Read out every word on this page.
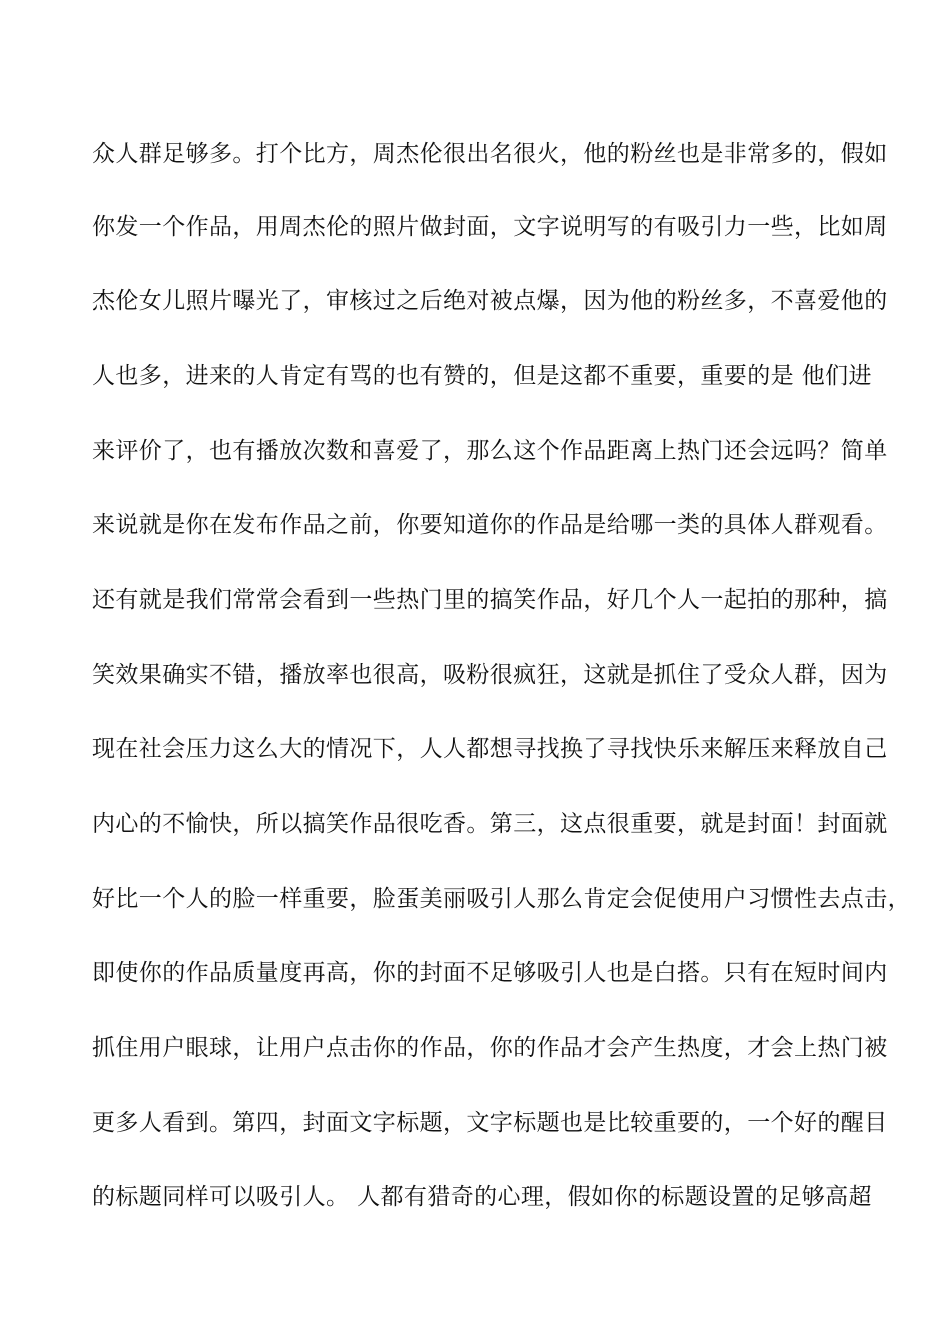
众人群足够多。打个比方，周杰伦很出名很火，他的粉丝也是非常多的，假如
你发一个作品，用周杰伦的照片做封面，文字说明写的有吸引力一些，比如周
杰伦女儿照片曝光了，审核过之后绝对被点爆，因为他的粉丝多，不喜爱他的
人也多，进来的人肯定有骂的也有赞的，但是这都不重要，重要的是 他们进
来评价了，也有播放次数和喜爱了，那么这个作品距离上热门还会远吗？简单
来说就是你在发布作品之前，你要知道你的作品是给哪一类的具体人群观看。
还有就是我们常常会看到一些热门里的搞笑作品，好几个人一起拍的那种，搞
笑效果确实不错，播放率也很高，吸粉很疯狂，这就是抓住了受众人群，因为
现在社会压力这么大的情况下，人人都想寻找换了寻找快乐来解压来释放自己
内心的不愉快，所以搞笑作品很吃香。第三，这点很重要，就是封面！封面就
好比一个人的脸一样重要，脸蛋美丽吸引人那么肯定会促使用户习惯性去点击，
即使你的作品质量度再高，你的封面不足够吸引人也是白搭。只有在短时间内
抓住用户眼球，让用户点击你的作品，你的作品才会产生热度，才会上热门被
更多人看到。第四，封面文字标题，文字标题也是比较重要的，一个好的醒目
的标题同样可以吸引人。 人都有猎奇的心理，假如你的标题设置的足够高超
